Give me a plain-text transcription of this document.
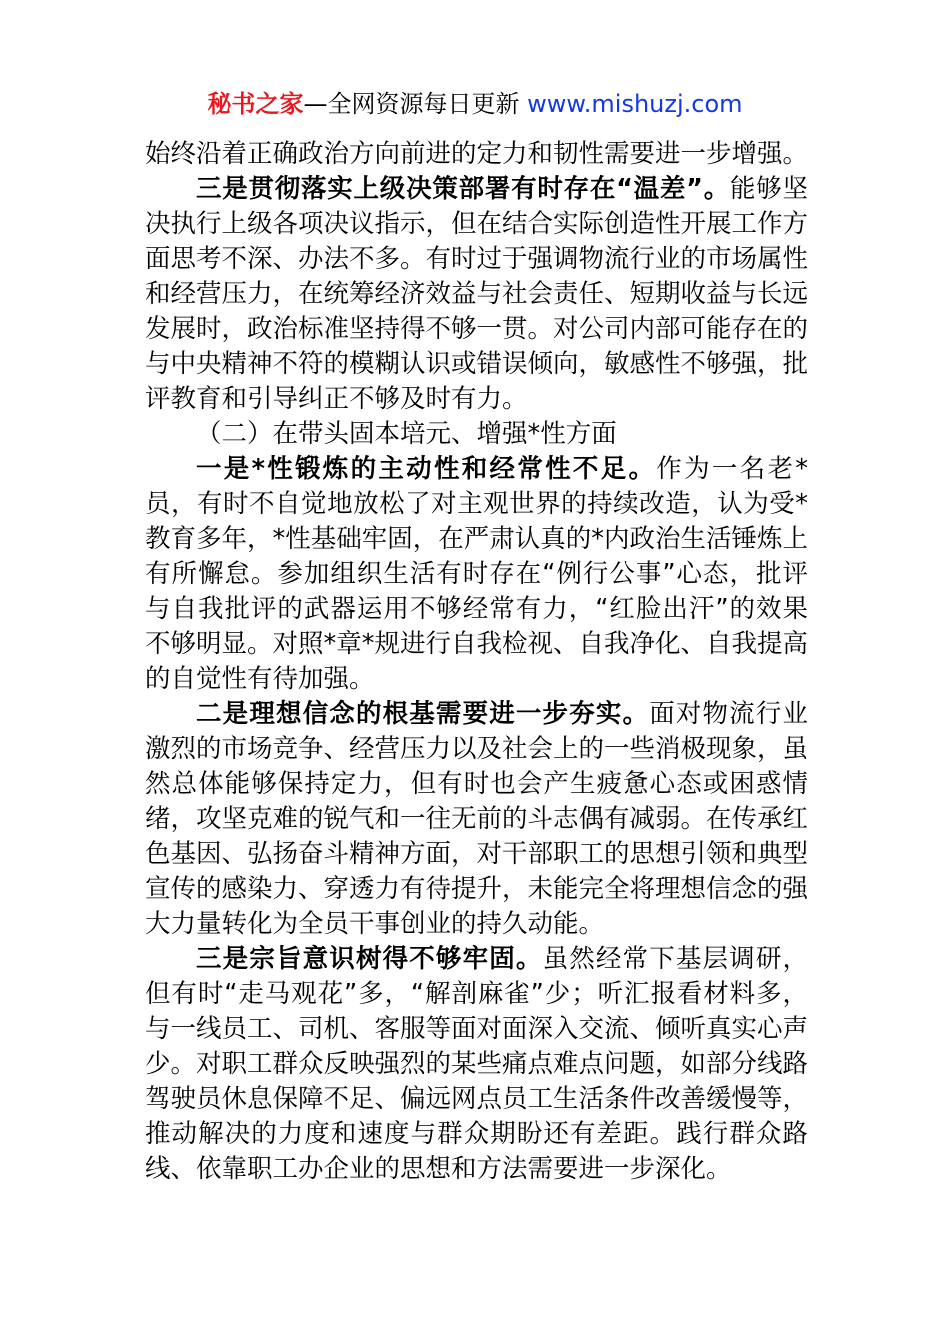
秘书之家—全网资源每日更新 www.mishuzj.com

始终沿着正确政治方向前进的定力和韧性需要进一步增强。

三是贯彻落实上级决策部署有时存在“温差”。能够坚决执行上级各项决议指示，但在结合实际创造性开展工作方面思考不深、办法不多。有时过于强调物流行业的市场属性和经营压力，在统筹经济效益与社会责任、短期收益与长远发展时，政治标准坚持得不够一贯。对公司内部可能存在的与中央精神不符的模糊认识或错误倾向，敏感性不够强，批评教育和引导纠正不够及时有力。

（二）在带头固本培元、增强*性方面

一是*性锻炼的主动性和经常性不足。作为一名老*员，有时不自觉地放松了对主观世界的持续改造，认为受*教育多年，*性基础牢固，在严肃认真的*内政治生活锤炼上有所懈怠。参加组织生活有时存在“例行公事”心态，批评与自我批评的武器运用不够经常有力，“红脸出汗”的效果不够明显。对照*章*规进行自我检视、自我净化、自我提高的自觉性有待加强。

二是理想信念的根基需要进一步夯实。面对物流行业激烈的市场竞争、经营压力以及社会上的一些消极现象，虽然总体能够保持定力，但有时也会产生疲惫心态或困惑情绪，攻坚克难的锐气和一往无前的斗志偶有减弱。在传承红色基因、弘扬奋斗精神方面，对干部职工的思想引领和典型宣传的感染力、穿透力有待提升，未能完全将理想信念的强大力量转化为全员干事创业的持久动能。

三是宗旨意识树得不够牢固。虽然经常下基层调研，但有时“走马观花”多，“解剖麻雀”少；听汇报看材料多，与一线员工、司机、客服等面对面深入交流、倾听真实心声少。对职工群众反映强烈的某些痛点难点问题，如部分线路驾驶员休息保障不足、偏远网点员工生活条件改善缓慢等，推动解决的力度和速度与群众期盼还有差距。践行群众路线、依靠职工办企业的思想和方法需要进一步深化。
